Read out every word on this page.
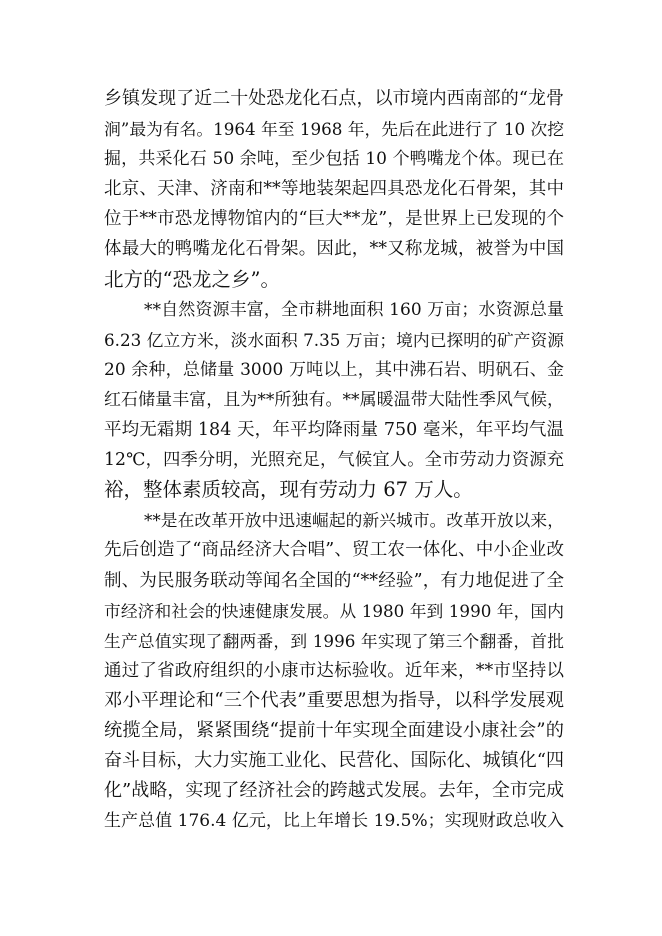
乡镇发现了近二十处恐龙化石点，以市境内西南部的“龙骨
涧”最为有名。1964 年至 1968 年，先后在此进行了 10 次挖
掘，共采化石 50 余吨，至少包括 10 个鸭嘴龙个体。现已在
北京、天津、济南和**等地装架起四具恐龙化石骨架，其中
位于**市恐龙博物馆内的“巨大**龙”，是世界上已发现的个
体最大的鸭嘴龙化石骨架。因此，**又称龙城，被誉为中国
北方的“恐龙之乡”。
**自然资源丰富，全市耕地面积 160 万亩；水资源总量
6.23 亿立方米，淡水面积 7.35 万亩；境内已探明的矿产资源
20 余种，总储量 3000 万吨以上，其中沸石岩、明矾石、金
红石储量丰富，且为**所独有。**属暖温带大陆性季风气候，
平均无霜期 184 天，年平均降雨量 750 毫米，年平均气温
12℃，四季分明，光照充足，气候宜人。全市劳动力资源充
裕，整体素质较高，现有劳动力 67 万人。
**是在改革开放中迅速崛起的新兴城市。改革开放以来，
先后创造了“商品经济大合唱”、贸工农一体化、中小企业改
制、为民服务联动等闻名全国的“**经验”，有力地促进了全
市经济和社会的快速健康发展。从 1980 年到 1990 年，国内
生产总值实现了翻两番，到 1996 年实现了第三个翻番，首批
通过了省政府组织的小康市达标验收。近年来，**市坚持以
邓小平理论和“三个代表”重要思想为指导，以科学发展观
统揽全局，紧紧围绕“提前十年实现全面建设小康社会”的
奋斗目标，大力实施工业化、民营化、国际化、城镇化“四
化”战略，实现了经济社会的跨越式发展。去年，全市完成
生产总值 176.4 亿元，比上年增长 19.5%；实现财政总收入
